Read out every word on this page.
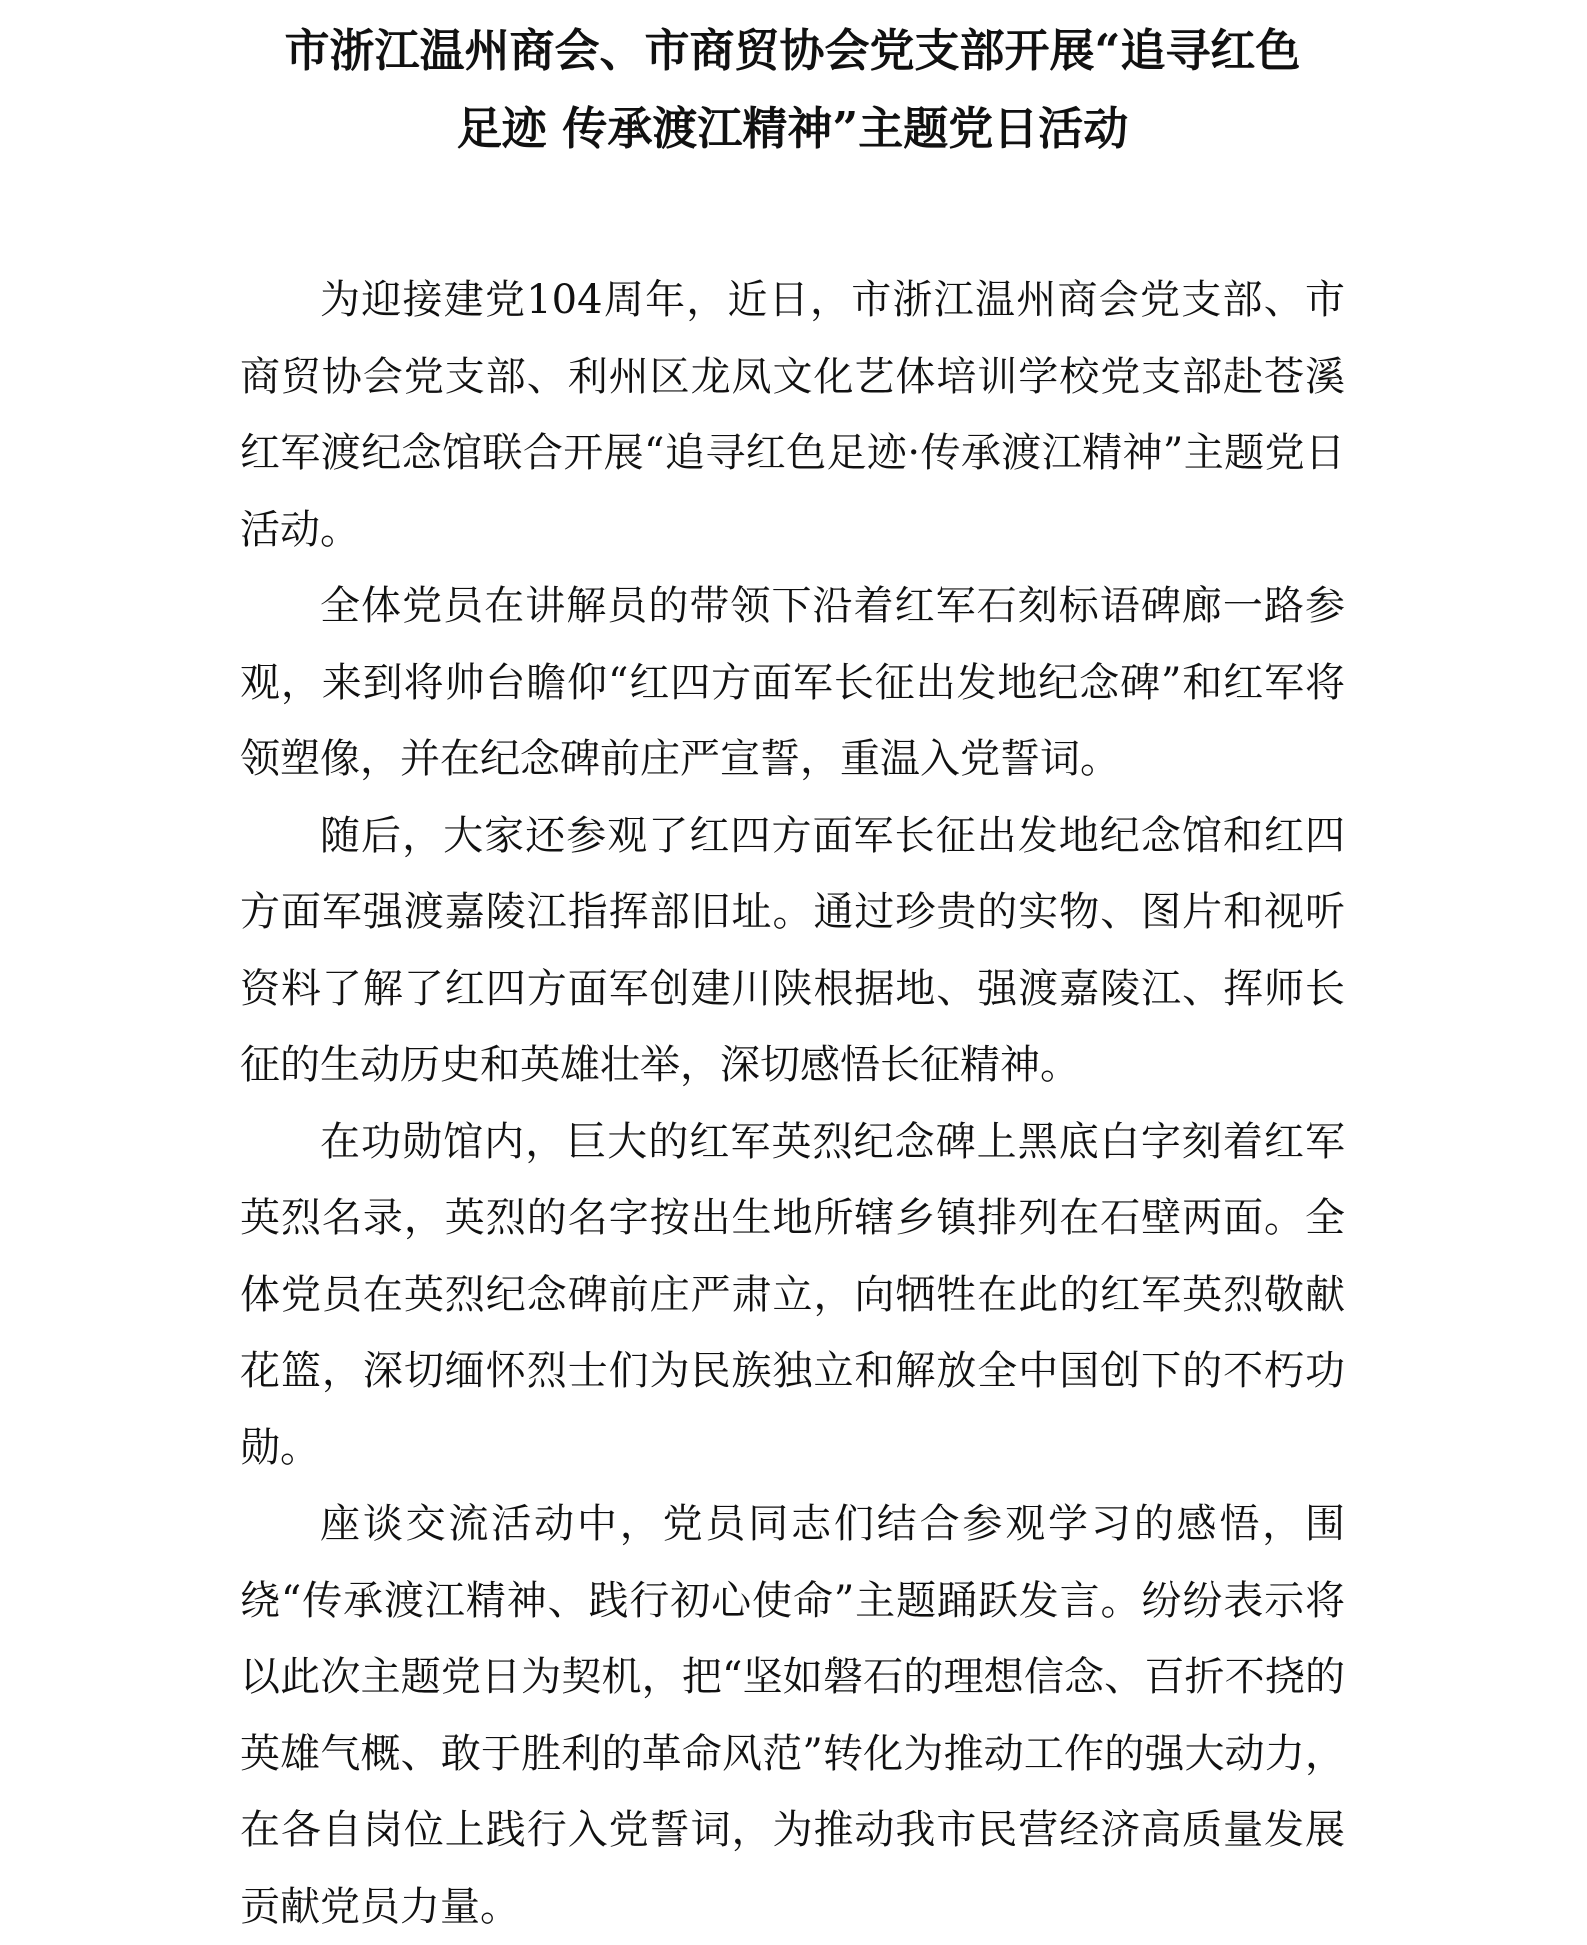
市浙江温州商会、市商贸协会党支部开展“追寻红色
足迹 传承渡江精神”主题党日活动

为迎接建党104周年，近日，市浙江温州商会党支部、市商贸协会党支部、利州区龙凤文化艺体培训学校党支部赴苍溪红军渡纪念馆联合开展“追寻红色足迹·传承渡江精神”主题党日活动。

全体党员在讲解员的带领下沿着红军石刻标语碑廊一路参观，来到将帅台瞻仰“红四方面军长征出发地纪念碑”和红军将领塑像，并在纪念碑前庄严宣誓，重温入党誓词。

随后，大家还参观了红四方面军长征出发地纪念馆和红四方面军强渡嘉陵江指挥部旧址。通过珍贵的实物、图片和视听资料了解了红四方面军创建川陕根据地、强渡嘉陵江、挥师长征的生动历史和英雄壮举，深切感悟长征精神。

在功勋馆内，巨大的红军英烈纪念碑上黑底白字刻着红军英烈名录，英烈的名字按出生地所辖乡镇排列在石壁两面。全体党员在英烈纪念碑前庄严肃立，向牺牲在此的红军英烈敬献花篮，深切缅怀烈士们为民族独立和解放全中国创下的不朽功勋。

座谈交流活动中，党员同志们结合参观学习的感悟，围绕“传承渡江精神、践行初心使命”主题踊跃发言。纷纷表示将以此次主题党日为契机，把“坚如磐石的理想信念、百折不挠的英雄气概、敢于胜利的革命风范”转化为推动工作的强大动力，在各自岗位上践行入党誓词，为推动我市民营经济高质量发展贡献党员力量。
